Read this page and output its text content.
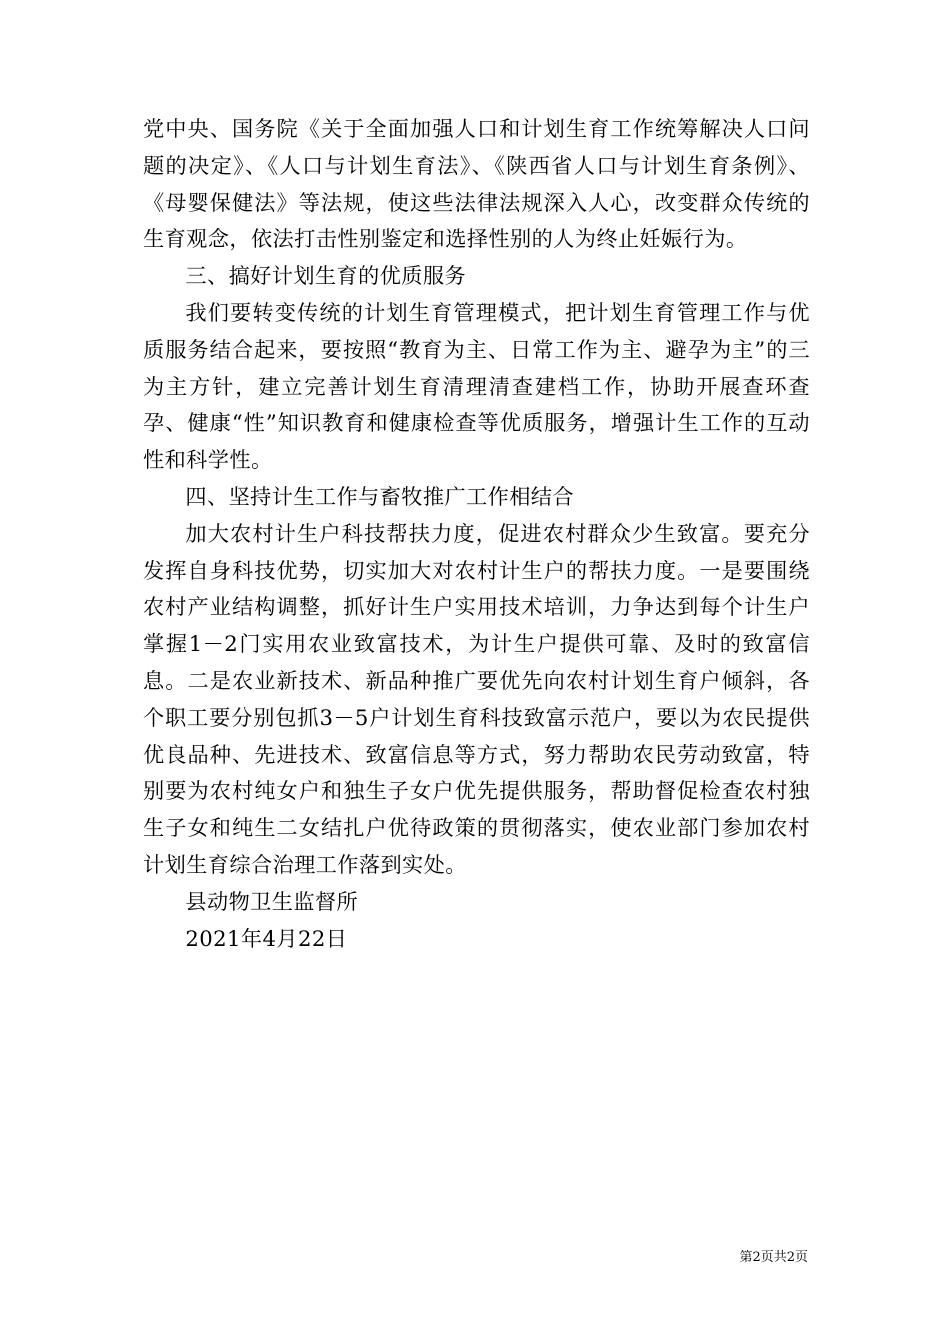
党中央、国务院《关于全面加强人口和计划生育工作统筹解决人口问题的决定》、《人口与计划生育法》、《陕西省人口与计划生育条例》、《母婴保健法》等法规，使这些法律法规深入人心，改变群众传统的生育观念，依法打击性别鉴定和选择性别的人为终止妊娠行为。

三、搞好计划生育的优质服务

我们要转变传统的计划生育管理模式，把计划生育管理工作与优质服务结合起来，要按照“教育为主、日常工作为主、避孕为主”的三为主方针，建立完善计划生育清理清查建档工作，协助开展查环查孕、健康“性”知识教育和健康检查等优质服务，增强计生工作的互动性和科学性。

四、坚持计生工作与畜牧推广工作相结合

加大农村计生户科技帮扶力度，促进农村群众少生致富。要充分发挥自身科技优势，切实加大对农村计生户的帮扶力度。一是要围绕农村产业结构调整，抓好计生户实用技术培训，力争达到每个计生户掌握1－2门实用农业致富技术，为计生户提供可靠、及时的致富信息。二是农业新技术、新品种推广要优先向农村计划生育户倾斜，各个职工要分别包抓3－5户计划生育科技致富示范户，要以为农民提供优良品种、先进技术、致富信息等方式，努力帮助农民劳动致富，特别要为农村纯女户和独生子女户优先提供服务，帮助督促检查农村独生子女和纯生二女结扎户优待政策的贯彻落实，使农业部门参加农村计划生育综合治理工作落到实处。

县动物卫生监督所

2021年4月22日

第2页共2页
